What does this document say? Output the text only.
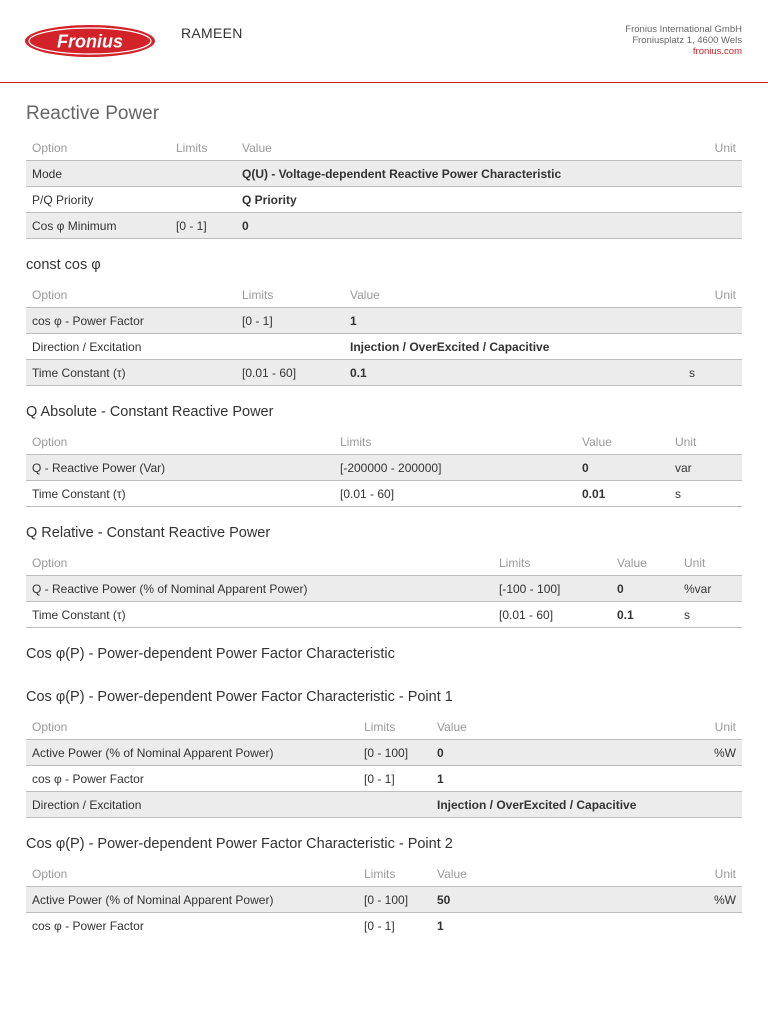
Fronius	RAMEEN	Fronius International GmbH
Froniusplatz 1, 4600 Wels
fronius.com
Reactive Power
Option	Limits	Value	Unit
Mode		Q(U) - Voltage-dependent Reactive Power Characteristic	
P/Q Priority		Q Priority	
Cos φ Minimum	[0 - 1]	0	
const cos φ
Option	Limits	Value	Unit
cos φ - Power Factor	[0 - 1]	1	
Direction / Excitation		Injection / OverExcited / Capacitive	
Time Constant (τ)	[0.01 - 60]	0.1	s
Q Absolute - Constant Reactive Power
Option	Limits	Value	Unit
Q - Reactive Power (Var)	[-200000 - 200000]	0	var
Time Constant (τ)	[0.01 - 60]	0.01	s
Q Relative - Constant Reactive Power
Option	Limits	Value	Unit
Q - Reactive Power (% of Nominal Apparent Power)	[-100 - 100]	0	%var
Time Constant (τ)	[0.01 - 60]	0.1	s
Cos φ(P) - Power-dependent Power Factor Characteristic
Cos φ(P) - Power-dependent Power Factor Characteristic - Point 1
Option	Limits	Value	Unit
Active Power (% of Nominal Apparent Power)	[0 - 100]	0	%W
cos φ - Power Factor	[0 - 1]	1	
Direction / Excitation		Injection / OverExcited / Capacitive	
Cos φ(P) - Power-dependent Power Factor Characteristic - Point 2
Option	Limits	Value	Unit
Active Power (% of Nominal Apparent Power)	[0 - 100]	50	%W
cos φ - Power Factor	[0 - 1]	1	
